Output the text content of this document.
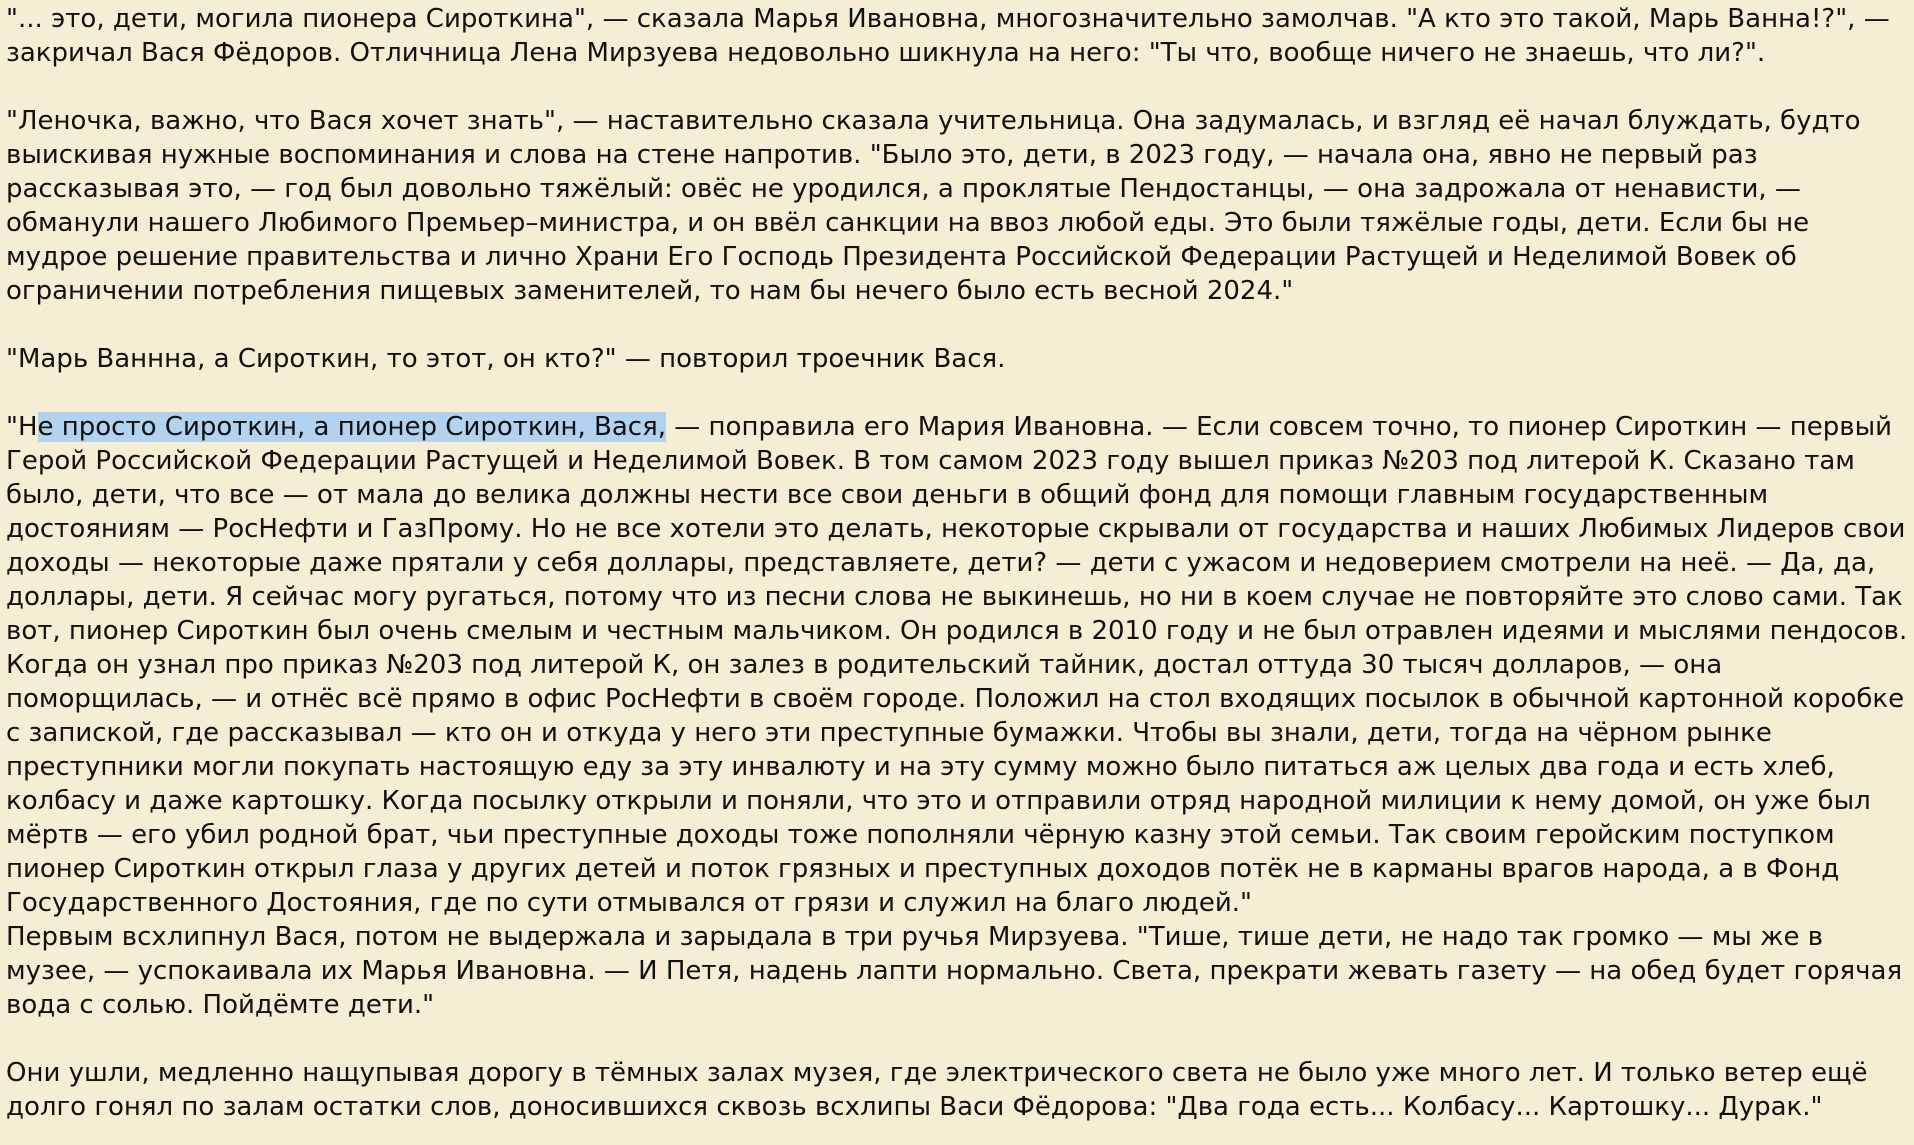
"... это, дети, могила пионера Сироткина", — сказала Марья Ивановна, многозначительно замолчав. "А кто это такой, Марь Ванна!?", — закричал Вася Фёдоров. Отличница Лена Мирзуева недовольно шикнула на него: "Ты что, вообще ничего не знаешь, что ли?".

"Леночка, важно, что Вася хочет знать", — наставительно сказала учительница. Она задумалась, и взгляд её начал блуждать, будто выискивая нужные воспоминания и слова на стене напротив. "Было это, дети, в 2023 году, — начала она, явно не первый раз рассказывая это, — год был довольно тяжёлый: овёс не уродился, а проклятые Пендостанцы, — она задрожала от ненависти, — обманули нашего Любимого Премьер–министра, и он ввёл санкции на ввоз любой еды. Это были тяжёлые годы, дети. Если бы не мудрое решение правительства и лично Храни Его Господь Президента Российской Федерации Растущей и Неделимой Вовек об ограничении потребления пищевых заменителей, то нам бы нечего было есть весной 2024."

"Марь Ваннна, а Сироткин, то этот, он кто?" — повторил троечник Вася.

"Не просто Сироткин, а пионер Сироткин, Вася, — поправила его Мария Ивановна. — Если совсем точно, то пионер Сироткин — первый Герой Российской Федерации Растущей и Неделимой Вовек. В том самом 2023 году вышел приказ №203 под литерой К. Сказано там было, дети, что все — от мала до велика должны нести все свои деньги в общий фонд для помощи главным государственным достояниям — РосНефти и ГазПрому. Но не все хотели это делать, некоторые скрывали от государства и наших Любимых Лидеров свои доходы — некоторые даже прятали у себя доллары, представляете, дети? — дети с ужасом и недоверием смотрели на неё. — Да, да, доллары, дети. Я сейчас могу ругаться, потому что из песни слова не выкинешь, но ни в коем случае не повторяйте это слово сами. Так вот, пионер Сироткин был очень смелым и честным мальчиком. Он родился в 2010 году и не был отравлен идеями и мыслями пендосов. Когда он узнал про приказ №203 под литерой К, он залез в родительский тайник, достал оттуда 30 тысяч долларов, — она поморщилась, — и отнёс всё прямо в офис РосНефти в своём городе. Положил на стол входящих посылок в обычной картонной коробке с запиской, где рассказывал — кто он и откуда у него эти преступные бумажки. Чтобы вы знали, дети, тогда на чёрном рынке преступники могли покупать настоящую еду за эту инвалюту и на эту сумму можно было питаться аж целых два года и есть хлеб, колбасу и даже картошку. Когда посылку открыли и поняли, что это и отправили отряд народной милиции к нему домой, он уже был мёртв — его убил родной брат, чьи преступные доходы тоже пополняли чёрную казну этой семьи. Так своим геройским поступком пионер Сироткин открыл глаза у других детей и поток грязных и преступных доходов потёк не в карманы врагов народа, а в Фонд Государственного Достояния, где по сути отмывался от грязи и служил на благо людей."

Первым всхлипнул Вася, потом не выдержала и зарыдала в три ручья Мирзуева. "Тише, тише дети, не надо так громко — мы же в музее, — успокаивала их Марья Ивановна. — И Петя, надень лапти нормально. Света, прекрати жевать газету — на обед будет горячая вода с солью. Пойдёмте дети."

Они ушли, медленно нащупывая дорогу в тёмных залах музея, где электрического света не было уже много лет. И только ветер ещё долго гонял по залам остатки слов, доносившихся сквозь всхлипы Васи Фёдорова: "Два года есть... Колбасу... Картошку... Дурак."
